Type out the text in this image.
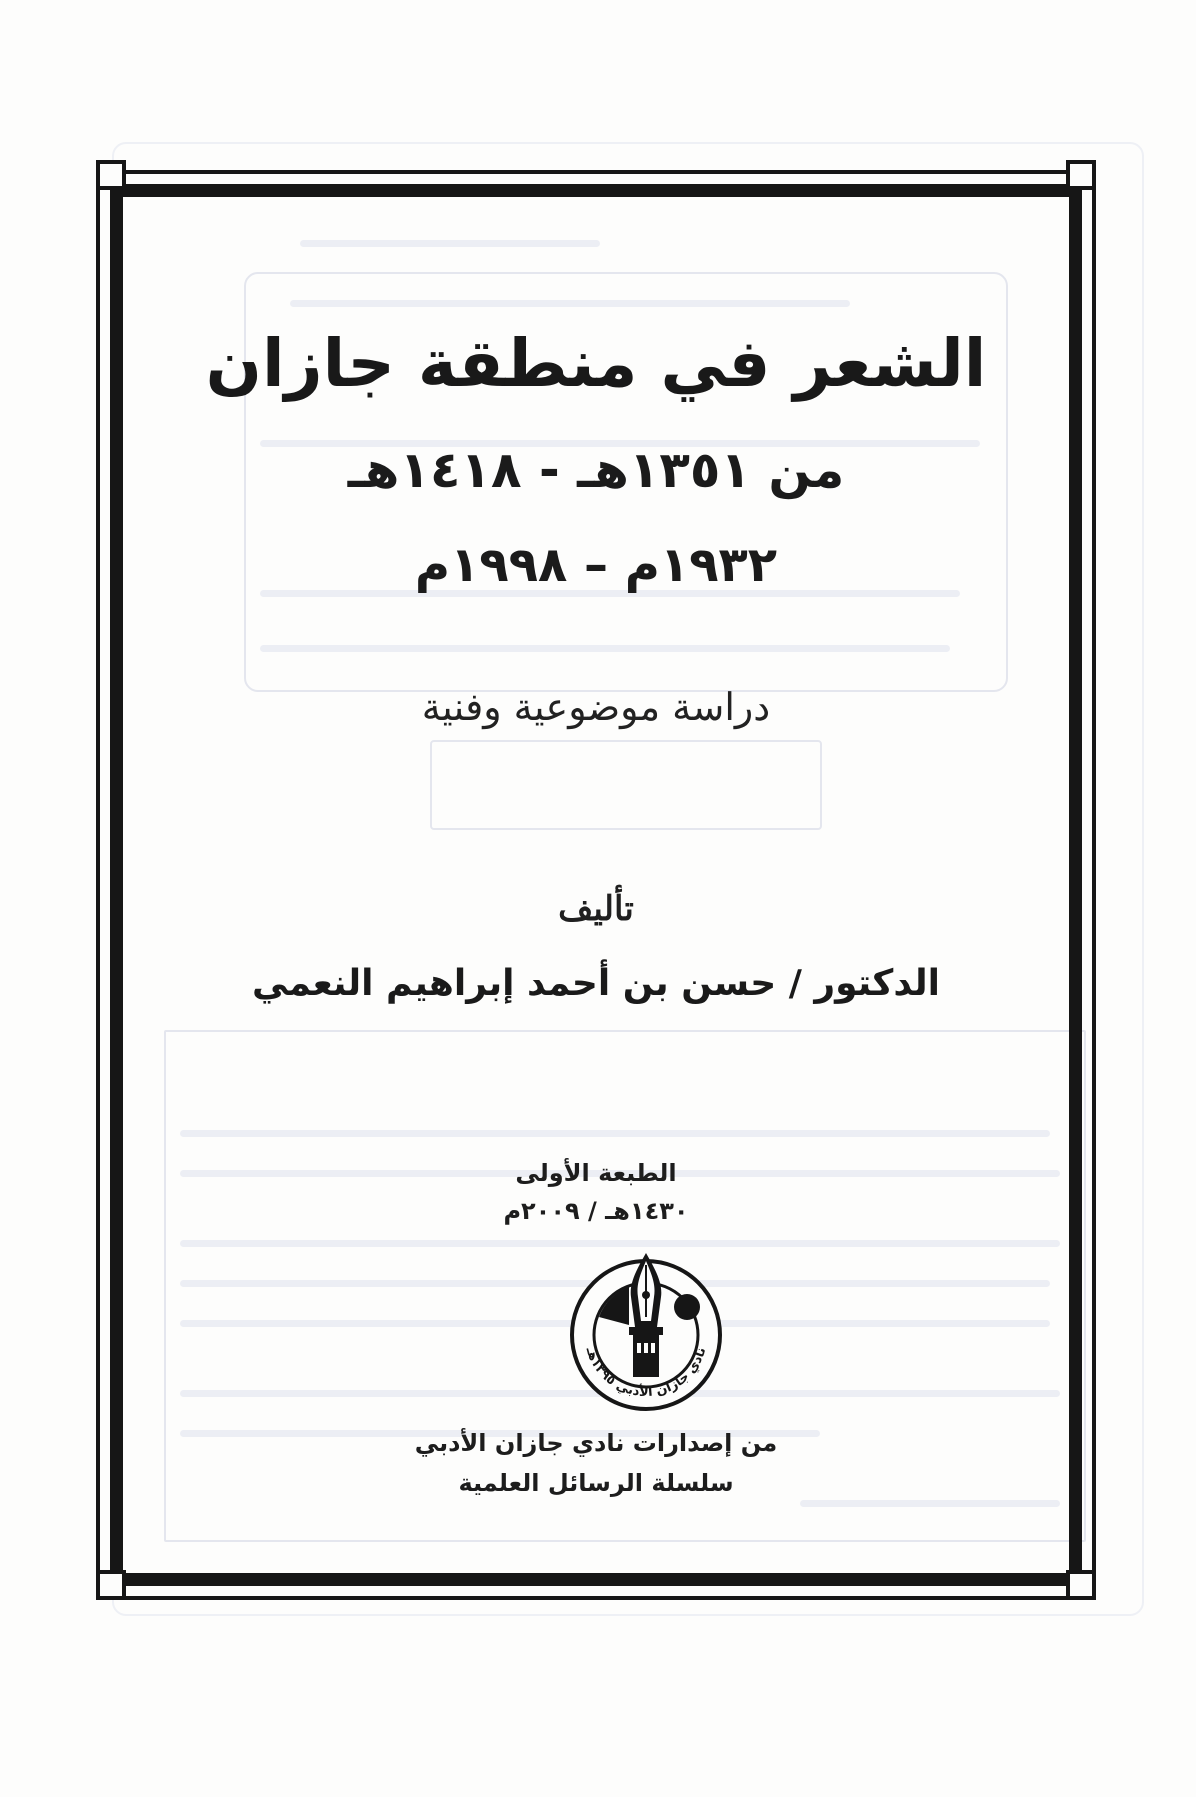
الشعر في منطقة جازان
من ١٣٥١هـ - ١٤١٨هـ
١٩٣٢م – ١٩٩٨م
دراسة موضوعية وفنية
تأليف
الدكتور / حسن بن أحمد إبراهيم النعمي
الطبعة الأولى
١٤٣٠هـ / ٢٠٠٩م
نادي جازان الأدبي ١٣٩٥هـ
من إصدارات نادي جازان الأدبي
سلسلة الرسائل العلمية
